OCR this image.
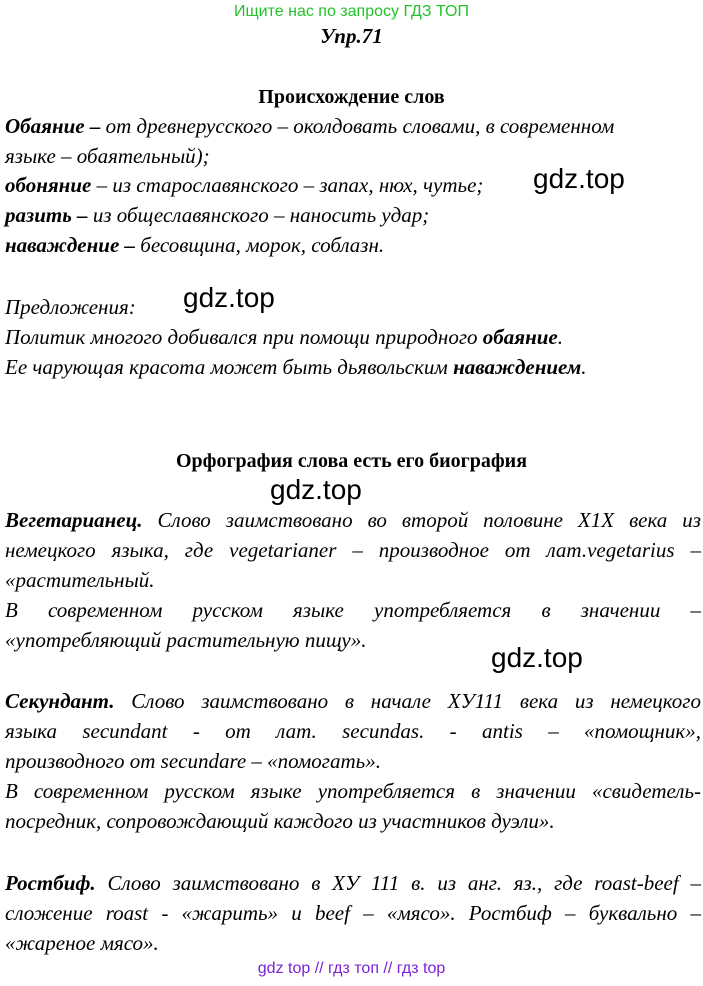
Ищите нас по запросу ГДЗ ТОП
Упр.71
Происхождение слов
Обаяние – от древнерусского – околдовать словами, в современном
языке – обаятельный);
обоняние – из старославянского – запах, нюх, чутье;
разить – из общеславянского – наносить удар;
наваждение – бесовщина, морок, соблазн.
Предложения:
Политик многого добивался при помощи природного обаяние.
Ее чарующая красота может быть дьявольским наваждением.
Орфография слова есть его биография
Вегетарианец. Слово заимствовано во второй половине X1X века из
немецкого языка, где vegetarianer – производное от лат.vegetarius –
«растительный.
В современном русском языке употребляется в значении –
«употребляющий растительную пищу».
Секундант. Слово заимствовано в начале ХУ111 века из немецкого
языка secundant - от лат. secundas. - antis – «помощник»,
производного от secundare – «помогать».
В современном русском языке употребляется в значении «свидетель-
посредник, сопровождающий каждого из участников дуэли».
Ростбиф. Слово заимствовано в ХУ 111 в. из анг. яз., где roast-beef –
сложение roast - «жарить» и beef – «мясо». Ростбиф – буквально –
«жареное мясо».
gdz.top
gdz.top
gdz.top
gdz.top
gdz top // гдз топ // гдз top
